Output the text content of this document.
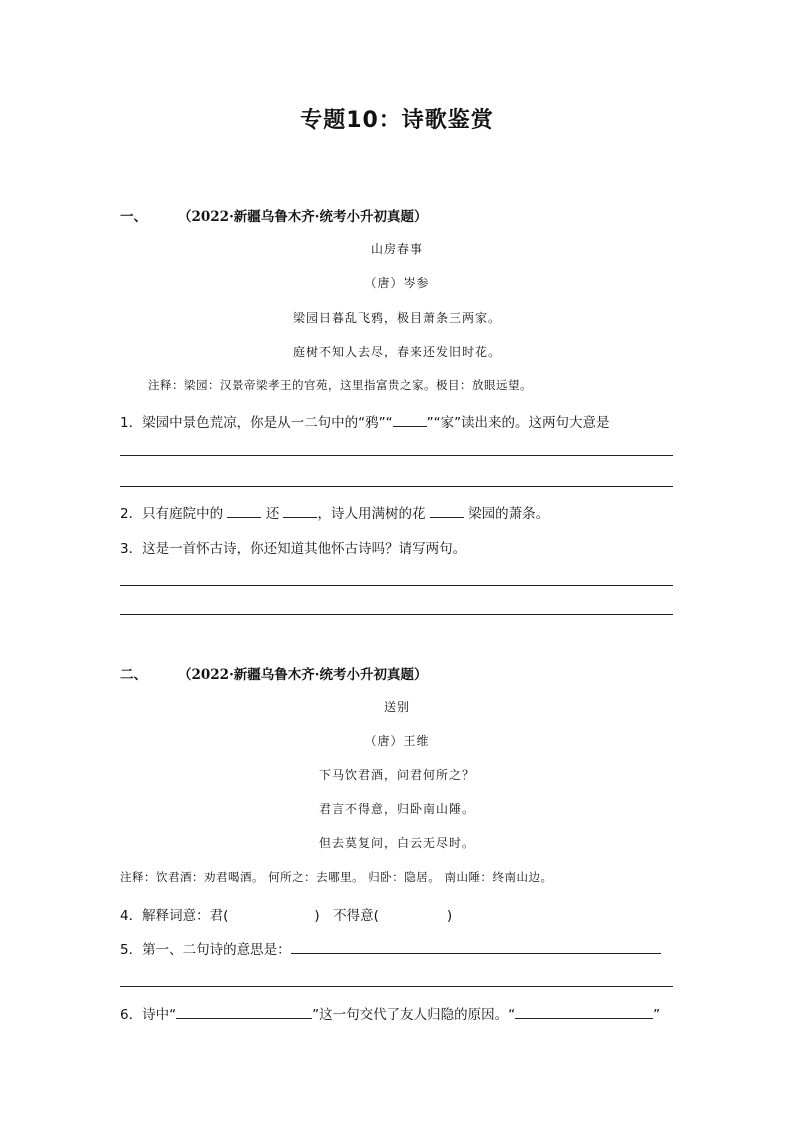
专题10：诗歌鉴赏
一、 （2022·新疆乌鲁木齐·统考小升初真题）
山房春事
（唐）岑参
梁园日暮乱飞鸦，极目萧条三两家。
庭树不知人去尽，春来还发旧时花。
注释：梁园：汉景帝梁孝王的官苑，这里指富贵之家。极目：放眼远望。
1．梁园中景色荒凉，你是从一二句中的“鸦”“	”“家”读出来的。这两句大意是
2．只有庭院中的	还	，诗人用满树的花	梁园的萧条。
3．这是一首怀古诗，你还知道其他怀古诗吗？请写两句。
二、 （2022·新疆乌鲁木齐·统考小升初真题）
送别
（唐）王维
下马饮君酒，问君何所之？
君言不得意，归卧南山陲。
但去莫复问，白云无尽时。
注释：饮君酒：劝君喝酒。 何所之：去哪里。 归卧：隐居。 南山陲：终南山边。
4．解释词意：君(	)　不得意(	)
5．第一、二句诗的意思是：
6．诗中“	”这一句交代了友人归隐的原因。“	”
